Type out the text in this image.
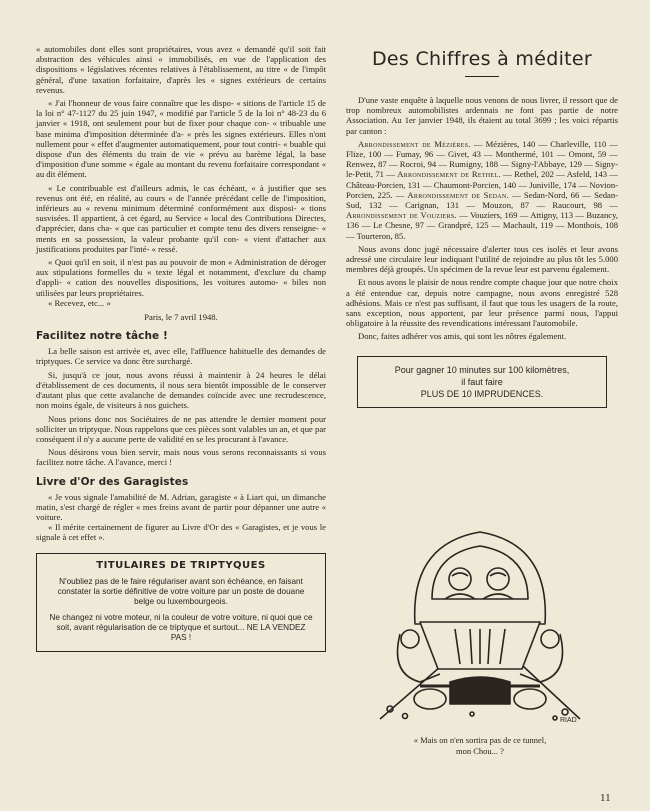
« automobiles dont elles sont propriétaires, vous avez « demandé qu'il soit fait abstraction des véhicules ainsi « immobilisés, en vue de l'application des dispositions « législatives récentes relatives à l'établissement, au titre « de l'impôt général, d'une taxation forfaitaire, d'après les « signes extérieurs de certains revenus.

« J'ai l'honneur de vous faire connaître que les dispo- « sitions de l'article 15 de la loi n° 47-1127 du 25 juin 1947, « modifié par l'article 5 de la loi n° 48-23 du 6 janvier « 1918, ont seulement pour but de fixer pour chaque con- « tribuable une base minima d'imposition déterminée d'a- « près les signes extérieurs. Elles n'ont nullement pour « effet d'augmenter automatiquement, pour tout contri- « buable qui dispose d'un des éléments du train de vie « prévu au barème légal, la base d'imposition d'une somme « égale au montant du revenu forfaitaire correspondant « au dit élément.

« Le contribuable est d'ailleurs admis, le cas échéant, « à justifier que ses revenus ont été, en réalité, au cours « de l'année précédant celle de l'imposition, inférieurs au « revenu minimum déterminé conformément aux disposi- « tions susvisées. Il appartient, à cet égard, au Service « local des Contributions Directes, d'apprécier, dans cha- « que cas particulier et compte tenu des divers renseigne- « ments en sa possession, la valeur probante qu'il con- « vient d'attacher aux justifications produites par l'inté- « ressé.

« Quoi qu'il en soit, il n'est pas au pouvoir de mon « Administration de déroger aux stipulations formelles du « texte légal et notamment, d'exclure du champ d'appli- « cation des nouvelles dispositions, les voitures automo- « biles non utilisées par leurs propriétaires.

« Recevez, etc... »

Paris, le 7 avril 1948.

Facilitez notre tâche !

La belle saison est arrivée et, avec elle, l'affluence habituelle des demandes de triptyques. Ce service va donc être surchargé.

Si, jusqu'à ce jour, nous avons réussi à maintenir à 24 heures le délai d'établissement de ces documents, il nous sera bientôt impossible de le conserver d'autant plus que cette avalanche de demandes coïncide avec une recrudescence, non moins égale, de visiteurs à nos guichets.

Nous prions donc nos Sociétaires de ne pas attendre le dernier moment pour solliciter un triptyque. Nous rappelons que ces pièces sont valables un an, et que par conséquent il n'y a aucune perte de validité en se les procurant à l'avance.

Nous désirons vous bien servir, mais nous vous serons reconnaissants si vous facilitez notre tâche. A l'avance, merci !

Livre d'Or des Garagistes

« Je vous signale l'amabilité de M. Adrian, garagiste « à Liart qui, un dimanche matin, s'est chargé de régler « mes freins avant de partir pour dépanner une autre « voiture.

« Il mérite certainement de figurer au Livre d'Or des « Garagistes, et je vous le signale à cet effet ».

TITULAIRES DE TRIPTYQUES

N'oubliez pas de le faire régulariser avant son échéance, en faisant constater la sortie définitive de votre voiture par un poste de douane belge ou luxembourgeois.

Ne changez ni votre moteur, ni la couleur de votre voiture, ni quoi que ce soit, avant régularisation de ce triptyque et surtout... NE LA VENDEZ PAS !

Des Chiffres à méditer

D'une vaste enquête à laquelle nous venons de nous livrer, il ressort que de trop nombreux automobilistes ardennais ne font pas partie de notre Association. Au 1er janvier 1948, ils étaient au total 3699 ; les voici répartis par canton :

Arrondissement de Mézières. — Mézières, 140 — Charleville, 110 — Flize, 100 — Fumay, 96 — Givet, 43 — Monthermé, 101 — Omont, 59 — Renwez, 87 — Rocroi, 94 — Rumigny, 188 — Signy-l'Abbaye, 129 — Signy-le-Petit, 71 — Arrondissement de Rethel. — Rethel, 202 — Asfeld, 143 — Château-Porcien, 131 — Chaumont-Porcien, 140 — Juniville, 174 — Novion-Porcien, 225. — Arrondissement de Sedan. — Sedan-Nord, 66 — Sedan-Sud, 132 — Carignan, 131 — Mouzon, 87 — Raucourt, 98 — Arrondissement de Vouziers. — Vouziers, 169 — Attigny, 113 — Buzancy, 136 — Le Chesne, 97 — Grandpré, 125 — Machault, 119 — Monthois, 108 — Tourteron, 85.

Nous avons donc jugé nécessaire d'alerter tous ces isolés et leur avons adressé une circulaire leur indiquant l'utilité de rejoindre au plus tôt les 5.000 membres déjà groupés. Un spécimen de la revue leur est parvenu également.

Et nous avons le plaisir de nous rendre compte chaque jour que notre choix a été entendue car, depuis notre campagne, nous avons enregistré 528 adhésions. Mais ce n'est pas suffisant, il faut que tous les usagers de la route, sans exception, nous apportent, par leur présence parmi nous, l'appui obligatoire à la réussite des revendications intéressant l'automobile.

Donc, faites adhérer vos amis, qui sont les nôtres également.

Pour gagner 10 minutes sur 100 kilomètres,
il faut faire
PLUS DE 10 IMPRUDENCES.
RIAD
« Mais on n'en sortira pas de ce tunnel,
mon Chou... ?
11
